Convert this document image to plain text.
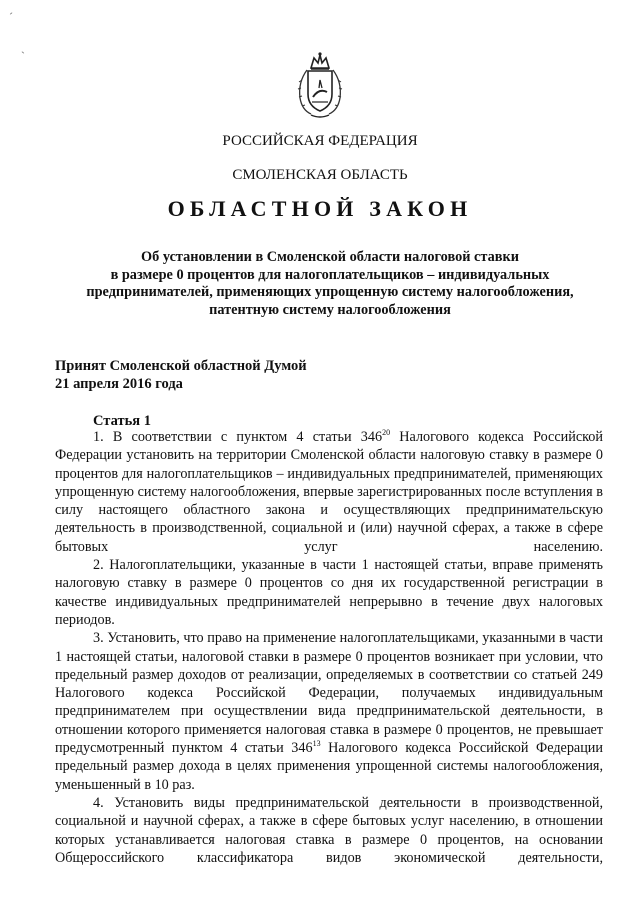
ˊ
ˏ
РОССИЙСКАЯ ФЕДЕРАЦИЯ
СМОЛЕНСКАЯ ОБЛАСТЬ
ОБЛАСТНОЙ ЗАКОН
Об установлении в Смоленской области налоговой ставки
в размере 0 процентов для налогоплательщиков – индивидуальных
предпринимателей, применяющих упрощенную систему налогообложения,
патентную систему налогообложения
Принят Смоленской областной Думой
21 апреля 2016 года
Статья 1

1. В соответствии с пунктом 4 статьи $346^{20}$ Налогового кодекса Российской Федерации установить на территории Смоленской области налоговую ставку в размере 0 процентов для налогоплательщиков – индивидуальных предпринимателей, применяющих упрощенную систему налогообложения, впервые зарегистрированных после вступления в силу настоящего областного закона и осуществляющих предпринимательскую деятельность в производственной, социальной и (или) научной сферах, а также в сфере бытовых услуг населению.

2. Налогоплательщики, указанные в части 1 настоящей статьи, вправе применять налоговую ставку в размере 0 процентов со дня их государственной регистрации в качестве индивидуальных предпринимателей непрерывно в течение двух налоговых периодов.

3. Установить, что право на применение налогоплательщиками, указанными в части 1 настоящей статьи, налоговой ставки в размере 0 процентов возникает при условии, что предельный размер доходов от реализации, определяемых в соответствии со статьей 249 Налогового кодекса Российской Федерации, получаемых индивидуальным предпринимателем при осуществлении вида предпринимательской деятельности, в отношении которого применяется налоговая ставка в размере 0 процентов, не превышает предусмотренный пунктом 4 статьи $346^{13}$ Налогового кодекса Российской Федерации предельный размер дохода в целях применения упрощенной системы налогообложения, уменьшенный в 10 раз.

4. Установить виды предпринимательской деятельности в производственной, социальной и научной сферах, а также в сфере бытовых услуг населению, в отношении которых устанавливается налоговая ставка в размере 0 процентов, на основании Общероссийского классификатора видов экономической деятельности,
